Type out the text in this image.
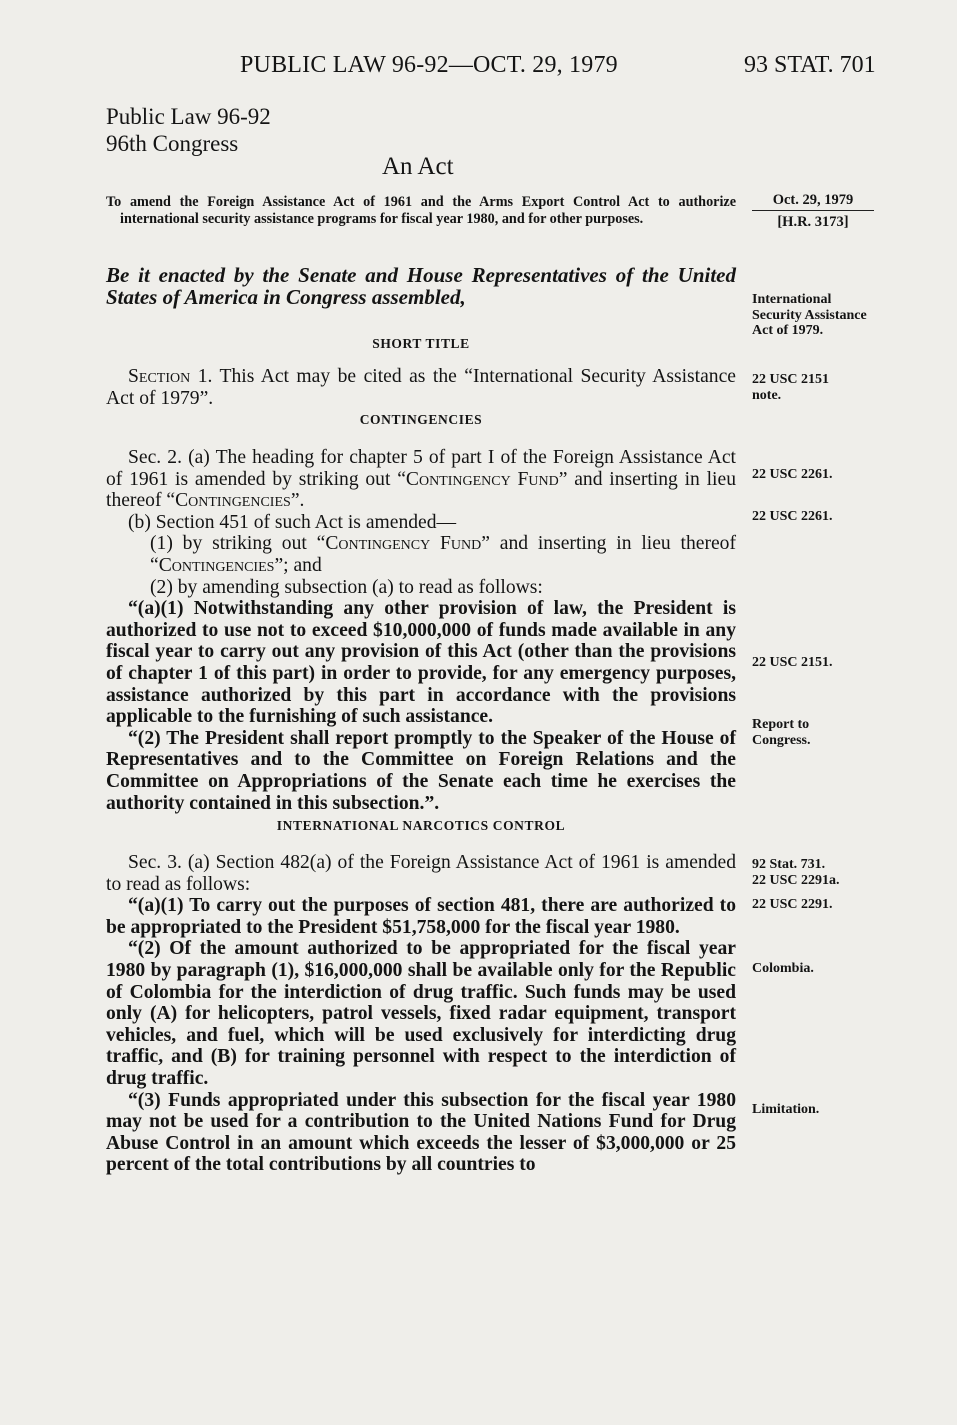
PUBLIC LAW 96-92—OCT. 29, 1979	93 STAT. 701
Public Law 96-92
96th Congress
An Act
To amend the Foreign Assistance Act of 1961 and the Arms Export Control Act to authorize international security assistance programs for fiscal year 1980, and for other purposes.
Oct. 29, 1979
[H.R. 3173]
Be it enacted by the Senate and House Representatives of the United States of America in Congress assembled,
SHORT TITLE

Section 1. This Act may be cited as the “International Security Assistance Act of 1979”.

CONTINGENCIES

Sec. 2. (a) The heading for chapter 5 of part I of the Foreign Assistance Act of 1961 is amended by striking out “Contingency Fund” and inserting in lieu thereof “Contingencies”.

(b) Section 451 of such Act is amended—

(1) by striking out “Contingency Fund” and inserting in lieu thereof “Contingencies”; and

(2) by amending subsection (a) to read as follows:

“(a)(1) Notwithstanding any other provision of law, the President is authorized to use not to exceed $10,000,000 of funds made available in any fiscal year to carry out any provision of this Act (other than the provisions of chapter 1 of this part) in order to provide, for any emergency purposes, assistance authorized by this part in accordance with the provisions applicable to the furnishing of such assistance.

“(2) The President shall report promptly to the Speaker of the House of Representatives and to the Committee on Foreign Relations and the Committee on Appropriations of the Senate each time he exercises the authority contained in this subsection.”.

INTERNATIONAL NARCOTICS CONTROL

Sec. 3. (a) Section 482(a) of the Foreign Assistance Act of 1961 is amended to read as follows:

“(a)(1) To carry out the purposes of section 481, there are authorized to be appropriated to the President $51,758,000 for the fiscal year 1980.

“(2) Of the amount authorized to be appropriated for the fiscal year 1980 by paragraph (1), $16,000,000 shall be available only for the Republic of Colombia for the interdiction of drug traffic. Such funds may be used only (A) for helicopters, patrol vessels, fixed radar equipment, transport vehicles, and fuel, which will be used exclusively for interdicting drug traffic, and (B) for training personnel with respect to the interdiction of drug traffic.

“(3) Funds appropriated under this subsection for the fiscal year 1980 may not be used for a contribution to the United Nations Fund for Drug Abuse Control in an amount which exceeds the lesser of $3,000,000 or 25 percent of the total contributions by all countries to

International Security Assistance Act of 1979.
22 USC 2151
note.
22 USC 2261.
22 USC 2261.
22 USC 2151.
Report to
Congress.
92 Stat. 731.
22 USC 2291a.
22 USC 2291.
Colombia.
Limitation.
